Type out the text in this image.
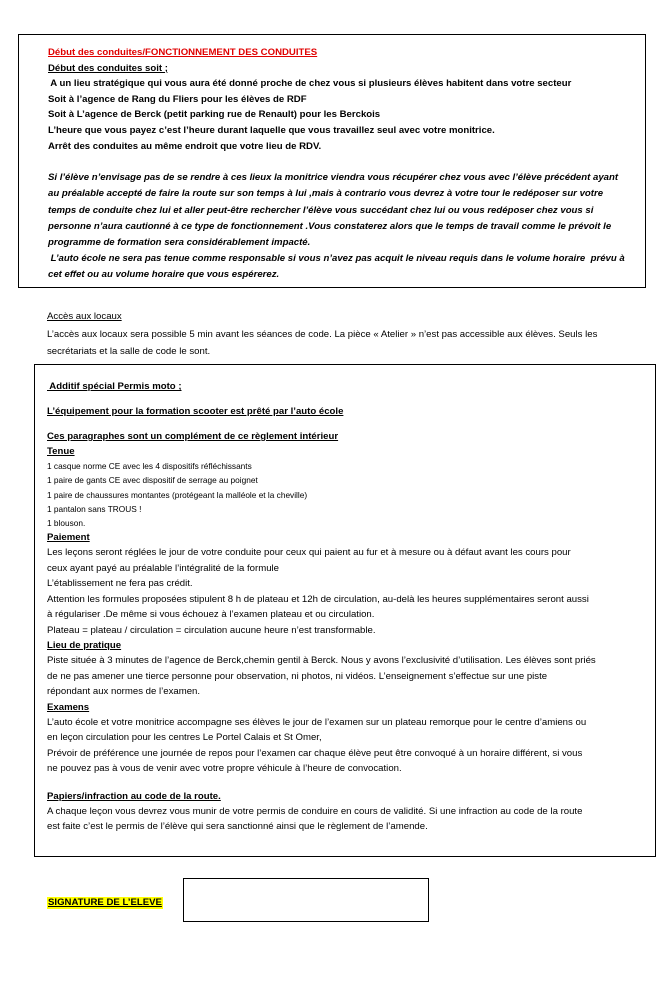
Début des conduites/FONCTIONNEMENT DES CONDUITES
Début des conduites soit ;
A un lieu stratégique qui vous aura été donné proche de chez vous si plusieurs élèves habitent dans votre secteur
Soit à l’agence de Rang du Fliers pour les élèves de RDF
Soit à L’agence de Berck (petit parking rue de Renault) pour les Berckois
L’heure que vous payez c’est l’heure durant laquelle que vous travaillez seul avec votre monitrice.
Arrêt des conduites au même endroit que votre lieu de RDV.
Si l’élève n’envisage pas de se rendre à ces lieux la monitrice viendra vous récupérer chez vous avec l’élève précédent ayant
au préalable accepté de faire la route sur son temps à lui ,mais à contrario vous devrez à votre tour le redéposer sur votre
temps de conduite chez lui et aller peut-être rechercher l’élève vous succédant chez lui ou vous redéposer chez vous si
personne n’aura cautionné à ce type de fonctionnement .Vous constaterez alors que le temps de travail comme le prévoit le
programme de formation sera considérablement impacté.
L’auto école ne sera pas tenue comme responsable si vous n’avez pas acquit le niveau requis dans le volume horaire  prévu à
cet effet ou au volume horaire que vous espérerez.
Accès aux locaux
L’accès aux locaux sera possible 5 min avant les séances de code. La pièce « Atelier » n’est pas accessible aux élèves. Seuls les
secrétariats et la salle de code le sont.
Additif spécial Permis moto ;
L’équipement pour la formation scooter est prêté par l’auto école
Ces paragraphes sont un complément de ce règlement intérieur
Tenue
1 casque norme CE avec les 4 dispositifs réfléchissants
1 paire de gants CE avec dispositif de serrage au poignet
1 paire de chaussures montantes (protégeant la malléole et la cheville)
1 pantalon sans TROUS !
1 blouson.
Paiement
Les leçons seront réglées le jour de votre conduite pour ceux qui paient au fur et à mesure ou à défaut avant les cours pour
ceux ayant payé au préalable l’intégralité de la formule
L’établissement ne fera pas crédit.
Attention les formules proposées stipulent 8 h de plateau et 12h de circulation, au-delà les heures supplémentaires seront aussi
à régulariser .De même si vous échouez à l’examen plateau et ou circulation.
Plateau = plateau / circulation = circulation aucune heure n’est transformable.
Lieu de pratique
Piste située à 3 minutes de l’agence de Berck,chemin gentil à Berck. Nous y avons l’exclusivité d’utilisation. Les élèves sont priés
de ne pas amener une tierce personne pour observation, ni photos, ni vidéos. L’enseignement s’effectue sur une piste
répondant aux normes de l’examen.
Examens
L’auto école et votre monitrice accompagne ses élèves le jour de l’examen sur un plateau remorque pour le centre d’amiens ou
en leçon circulation pour les centres Le Portel Calais et St Omer,
Prévoir de préférence une journée de repos pour l’examen car chaque élève peut être convoqué à un horaire différent, si vous
ne pouvez pas à vous de venir avec votre propre véhicule à l’heure de convocation.
Papiers/infraction au code de la route.
A chaque leçon vous devrez vous munir de votre permis de conduire en cours de validité. Si une infraction au code de la route
est faite c’est le permis de l’élève qui sera sanctionné ainsi que le règlement de l’amende.
SIGNATURE DE L’ELEVE
